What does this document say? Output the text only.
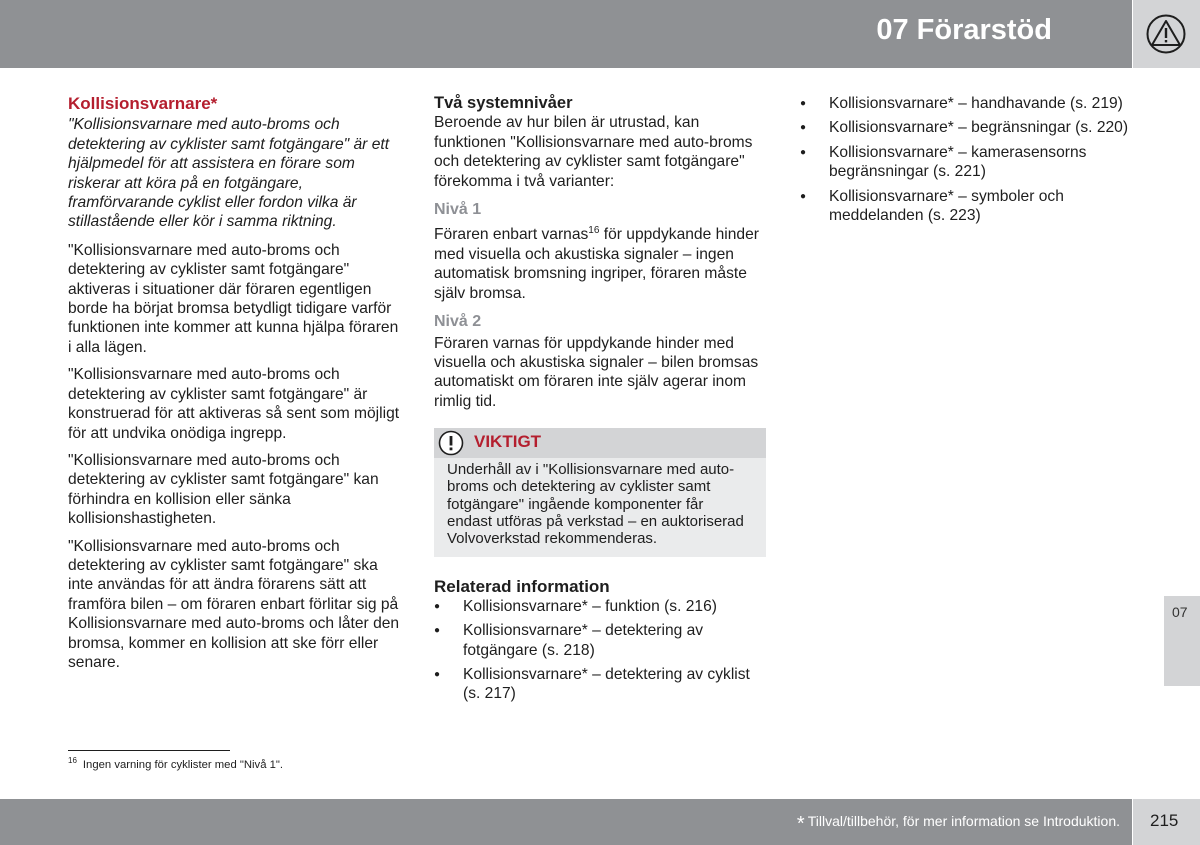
07 Förarstöd
Kollisionsvarnare*

"Kollisionsvarnare med auto-broms och detektering av cyklister samt fotgängare" är ett hjälpmedel för att assistera en förare som riskerar att köra på en fotgängare, framförvarande cyklist eller fordon vilka är stillastående eller kör i samma riktning.

"Kollisionsvarnare med auto-broms och detektering av cyklister samt fotgängare" aktiveras i situationer där föraren egentligen borde ha börjat bromsa betydligt tidigare varför funktionen inte kommer att kunna hjälpa föraren i alla lägen.

"Kollisionsvarnare med auto-broms och detektering av cyklister samt fotgängare" är konstruerad för att aktiveras så sent som möjligt för att undvika onödiga ingrepp.

"Kollisionsvarnare med auto-broms och detektering av cyklister samt fotgängare" kan förhindra en kollision eller sänka kollisionshastigheten.

"Kollisionsvarnare med auto-broms och detektering av cyklister samt fotgängare" ska inte användas för att ändra förarens sätt att framföra bilen – om föraren enbart förlitar sig på Kollisionsvarnare med auto-broms och låter den bromsa, kommer en kollision att ske förr eller senare.

Två systemnivåer

Beroende av hur bilen är utrustad, kan funktionen "Kollisionsvarnare med auto-broms och detektering av cyklister samt fotgängare" förekomma i två varianter:

Nivå 1

Föraren enbart varnas$^{16}$ för uppdykande hinder med visuella och akustiska signaler – ingen automatisk bromsning ingriper, föraren måste själv bromsa.

Nivå 2

Föraren varnas för uppdykande hinder med visuella och akustiska signaler – bilen bromsas automatiskt om föraren inte själv agerar inom rimlig tid.

VIKTIGT
Underhåll av i "Kollisionsvarnare med auto-broms och detektering av cyklister samt fotgängare" ingående komponenter får endast utföras på verkstad – en auktoriserad Volvoverkstad rekommenderas.
Relaterad information
● Kollisionsvarnare* – funktion (s. 216)
● Kollisionsvarnare* – detektering av fotgängare (s. 218)
● Kollisionsvarnare* – detektering av cyklist (s. 217)
● Kollisionsvarnare* – handhavande (s. 219)
● Kollisionsvarnare* – begränsningar (s. 220)
● Kollisionsvarnare* – kamerasensorns begränsningar (s. 221)
● Kollisionsvarnare* – symboler och meddelanden (s. 223)
$^{16}$ Ingen varning för cyklister med "Nivå 1".
07
* Tillval/tillbehör, för mer information se Introduktion. 215
